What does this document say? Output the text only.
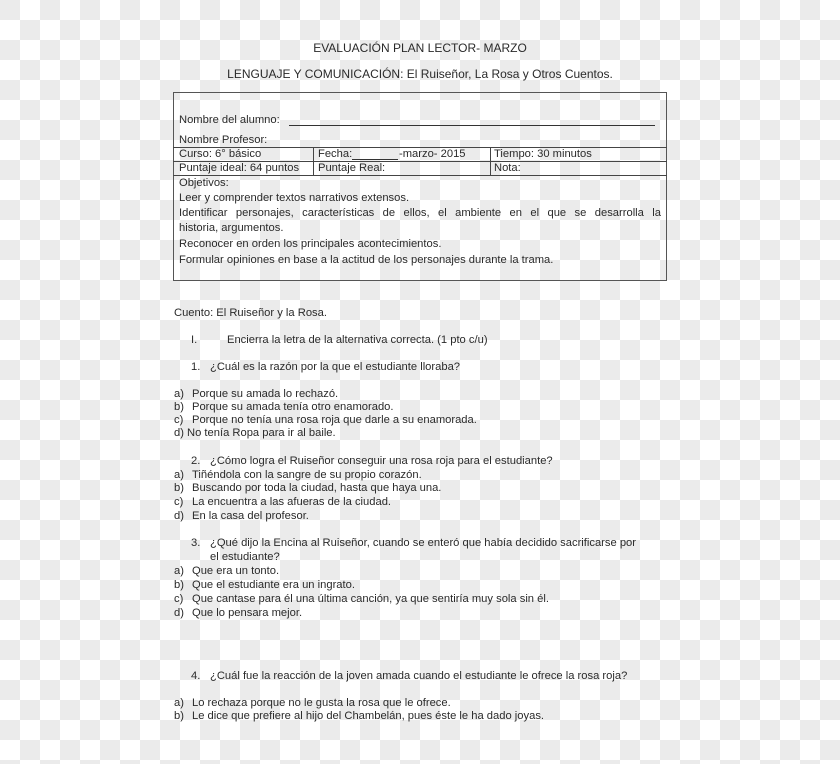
EVALUACIÓN PLAN LECTOR- MARZO
LENGUAJE Y COMUNICACIÓN: El Ruiseñor, La Rosa y Otros Cuentos.
Nombre del alumno:
Nombre Profesor:
Curso: 6° básico	Fecha:	-marzo- 2015	Tiempo: 30 minutos
Puntaje ideal: 64 puntos Puntaje Real:	Nota:
Objetivos:
Leer y comprender textos narrativos extensos.
Identificar personajes, características de ellos, el ambiente en el que se desarrolla la
historia, argumentos.
Reconocer en orden los principales acontecimientos.
Formular opiniones en base a la actitud de los personajes durante la trama.
Cuento: El Ruiseñor y la Rosa.
I.	Encierra la letra de la alternativa correcta. (1 pto c/u)
1. ¿Cuál es la razón por la que el estudiante lloraba?
a) Porque su amada lo rechazó.
b) Porque su amada tenía otro enamorado.
c) Porque no tenía una rosa roja que darle a su enamorada.
d) No tenía Ropa para ir al baile.
2. ¿Cómo logra el Ruiseñor conseguir una rosa roja para el estudiante?
a) Tiñéndola con la sangre de su propio corazón.
b) Buscando por toda la ciudad, hasta que haya una.
c) La encuentra a las afueras de la ciudad.
d) En la casa del profesor.
3. ¿Qué dijo la Encina al Ruiseñor, cuando se enteró que había decidido sacrificarse por
el estudiante?
a) Que era un tonto.
b) Que el estudiante era un ingrato.
c) Que cantase para él una última canción, ya que sentiría muy sola sin él.
d) Que lo pensara mejor.
4. ¿Cuál fue la reacción de la joven amada cuando el estudiante le ofrece la rosa roja?
a) Lo rechaza porque no le gusta la rosa que le ofrece.
b) Le dice que prefiere al hijo del Chambelán, pues éste le ha dado joyas.
